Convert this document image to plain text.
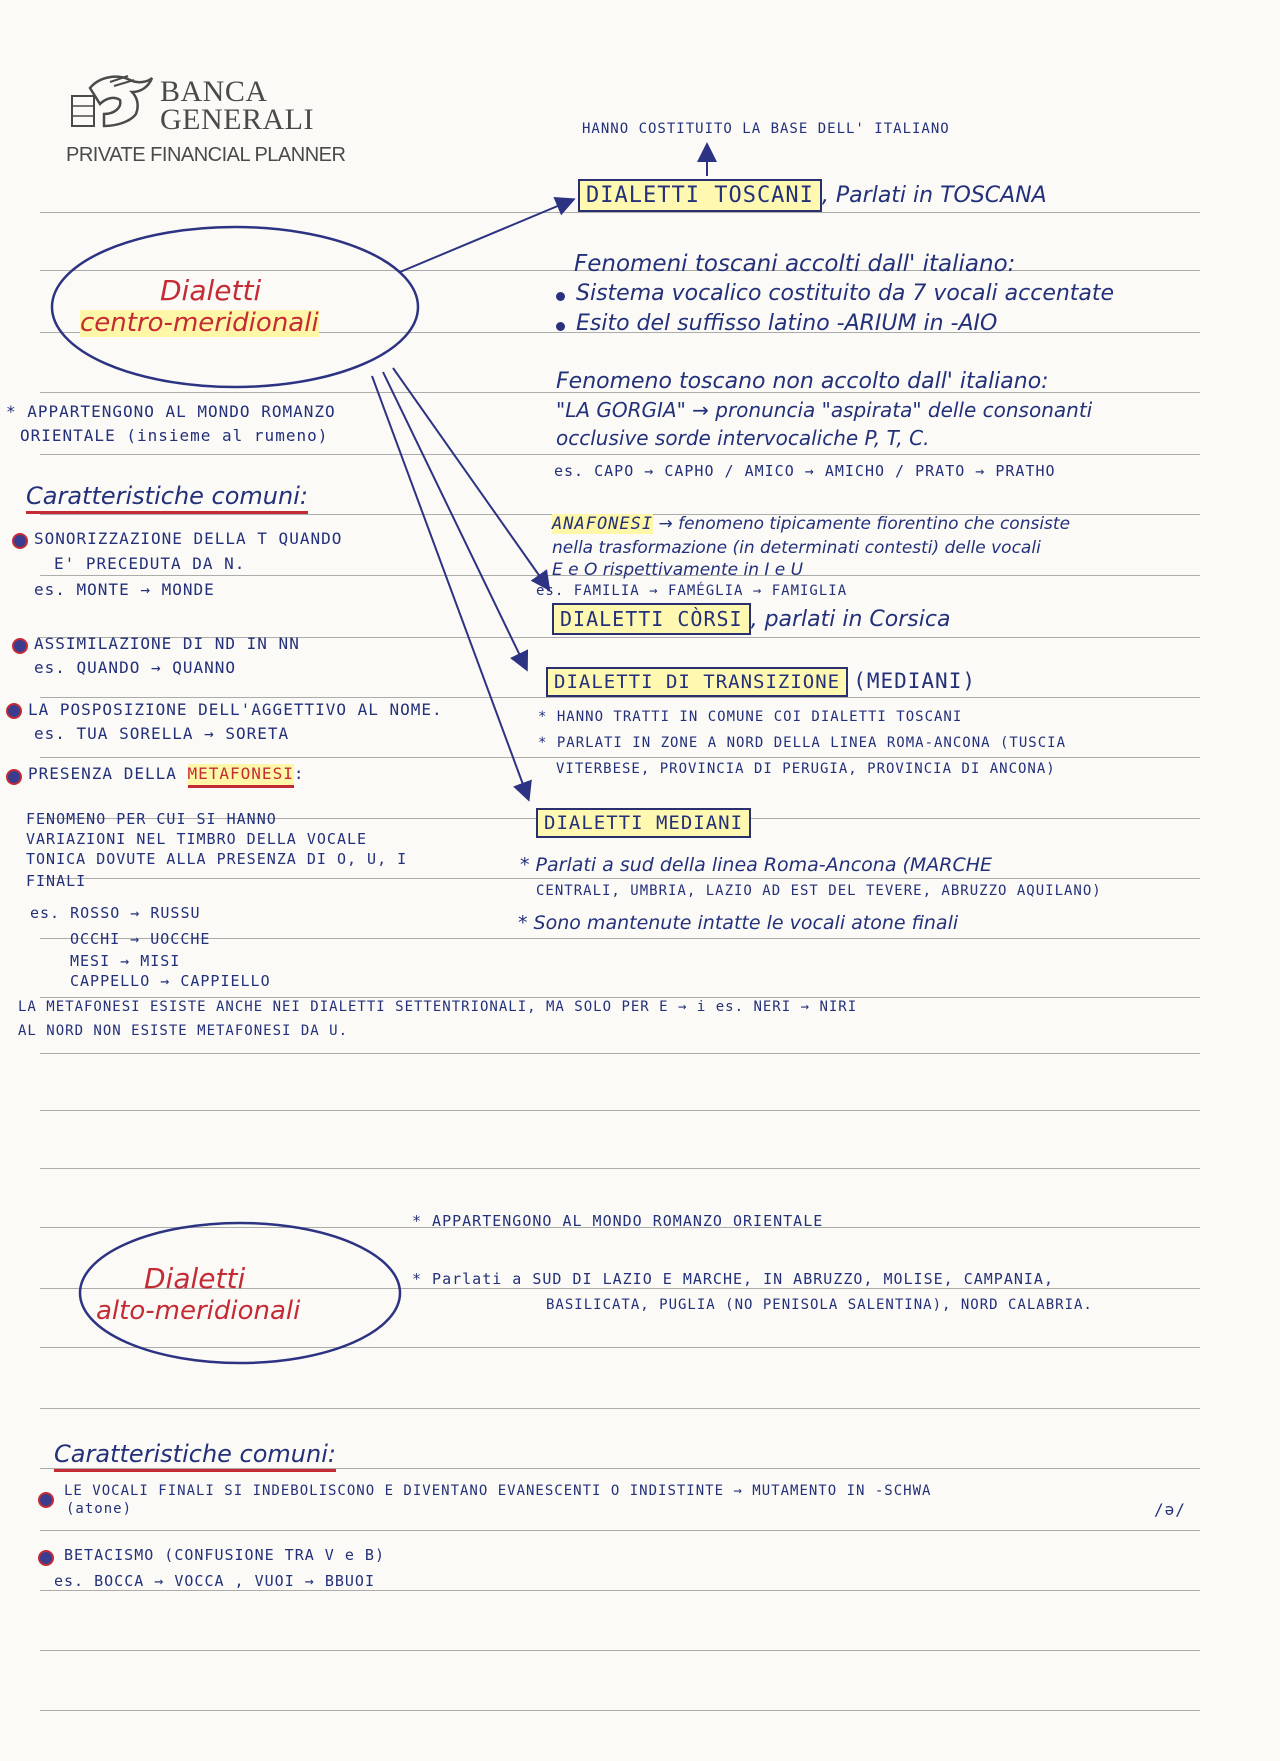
BANCA
GENERALI
PRIVATE FINANCIAL PLANNER
Dialetti
centro-meridionali
* APPARTENGONO AL MONDO ROMANZO
ORIENTALE (insieme al rumeno)
Caratteristiche comuni:
SONORIZZAZIONE DELLA T QUANDO
E' PRECEDUTA DA N.
es. MONTE → MONDE
ASSIMILAZIONE DI ND IN NN
es. QUANDO → QUANNO
LA POSPOSIZIONE DELL'AGGETTIVO AL NOME.
es. TUA SORELLA → SORETA
PRESENZA DELLA METAFONESI:
FENOMENO PER CUI SI HANNO
VARIAZIONI NEL TIMBRO DELLA VOCALE
TONICA DOVUTE ALLA PRESENZA DI O, U, I
FINALI
es. ROSSO → RUSSU
OCCHI → UOCCHE
MESI → MISI
CAPPELLO → CAPPIELLO
LA METAFONESI ESISTE ANCHE NEI DIALETTI SETTENTRIONALI, MA SOLO PER E → i es. NERI → NIRI
AL NORD NON ESISTE METAFONESI DA U.
HANNO COSTITUITO LA BASE DELL' ITALIANO
DIALETTI TOSCANI , Parlati in TOSCANA
Fenomeni toscani accolti dall' italiano:
Sistema vocalico costituito da 7 vocali accentate
Esito del suffisso latino -ARIUM in -AIO
Fenomeno toscano non accolto dall' italiano:
"LA GORGIA" → pronuncia "aspirata" delle consonanti
occlusive sorde intervocaliche P, T, C.
es. CAPO → CAPHO / AMICO → AMICHO / PRATO → PRATHO
ANAFONESI → fenomeno tipicamente fiorentino che consiste
nella trasformazione (in determinati contesti) delle vocali
E e O rispettivamente in I e U
es. FAMILIA → FAMÉGLIA → FAMIGLIA
DIALETTI CÒRSI , parlati in Corsica
DIALETTI DI TRANSIZIONE (MEDIANI)
* HANNO TRATTI IN COMUNE COI DIALETTI TOSCANI
* PARLATI IN ZONE A NORD DELLA LINEA ROMA-ANCONA (TUSCIA
VITERBESE, PROVINCIA DI PERUGIA, PROVINCIA DI ANCONA)
DIALETTI MEDIANI
* Parlati a sud della linea Roma-Ancona (MARCHE
CENTRALI, UMBRIA, LAZIO AD EST DEL TEVERE, ABRUZZO AQUILANO)
* Sono mantenute intatte le vocali atone finali
* APPARTENGONO AL MONDO ROMANZO ORIENTALE
Dialetti
alto-meridionali
* Parlati a SUD DI LAZIO E MARCHE, IN ABRUZZO, MOLISE, CAMPANIA,
BASILICATA, PUGLIA (NO PENISOLA SALENTINA), NORD CALABRIA.
Caratteristiche comuni:
LE VOCALI FINALI SI INDEBOLISCONO E DIVENTANO EVANESCENTI O INDISTINTE → MUTAMENTO IN -SCHWA
(atone)	/ə/
BETACISMO (CONFUSIONE TRA V e B)
es. BOCCA → VOCCA , VUOI → BBUOI
